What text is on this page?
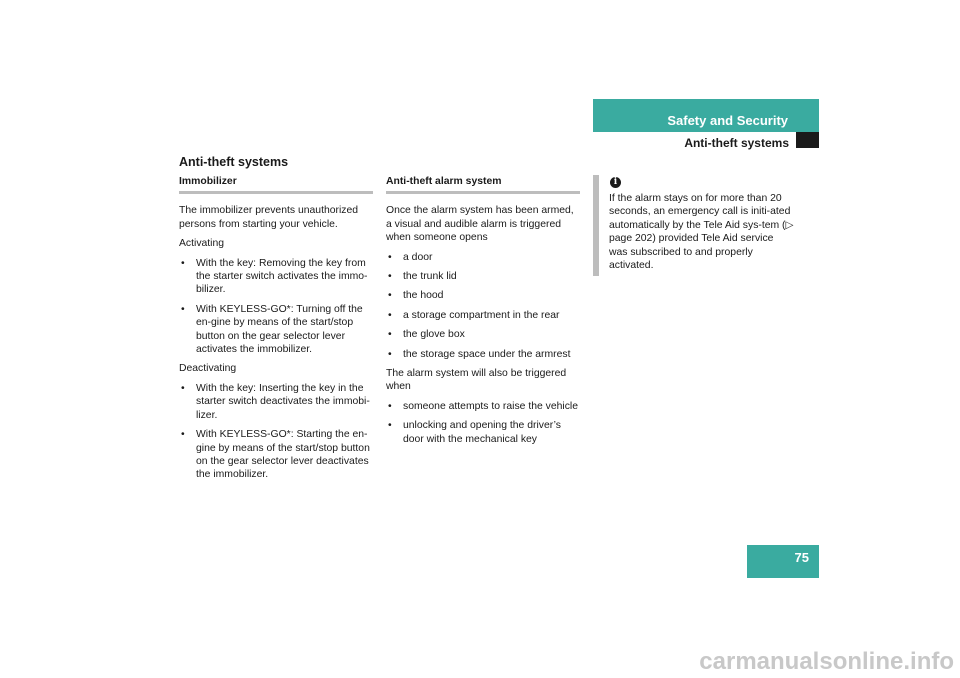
Safety and Security
Anti-theft systems
Anti-theft systems
Immobilizer

The immobilizer prevents unauthorized persons from starting your vehicle.

Activating

• With the key: Removing the key from the starter switch activates the immo-bilizer.
• With KEYLESS-GO*: Turning off the en-gine by means of the start/stop button on the gear selector lever activates the immobilizer.

Deactivating

• With the key: Inserting the key in the starter switch deactivates the immobi-lizer.
• With KEYLESS-GO*: Starting the en-gine by means of the start/stop button on the gear selector lever deactivates the immobilizer.
Anti-theft alarm system

Once the alarm system has been armed, a visual and audible alarm is triggered when someone opens

• a door
• the trunk lid
• the hood
• a storage compartment in the rear
• the glove box
• the storage space under the armrest

The alarm system will also be triggered when

• someone attempts to raise the vehicle
• unlocking and opening the driver’s door with the mechanical key
i
If the alarm stays on for more than 20 seconds, an emergency call is initi-ated automatically by the Tele Aid sys-tem (▷ page 202) provided Tele Aid service was subscribed to and properly activated.
75
carmanualsonline.info
